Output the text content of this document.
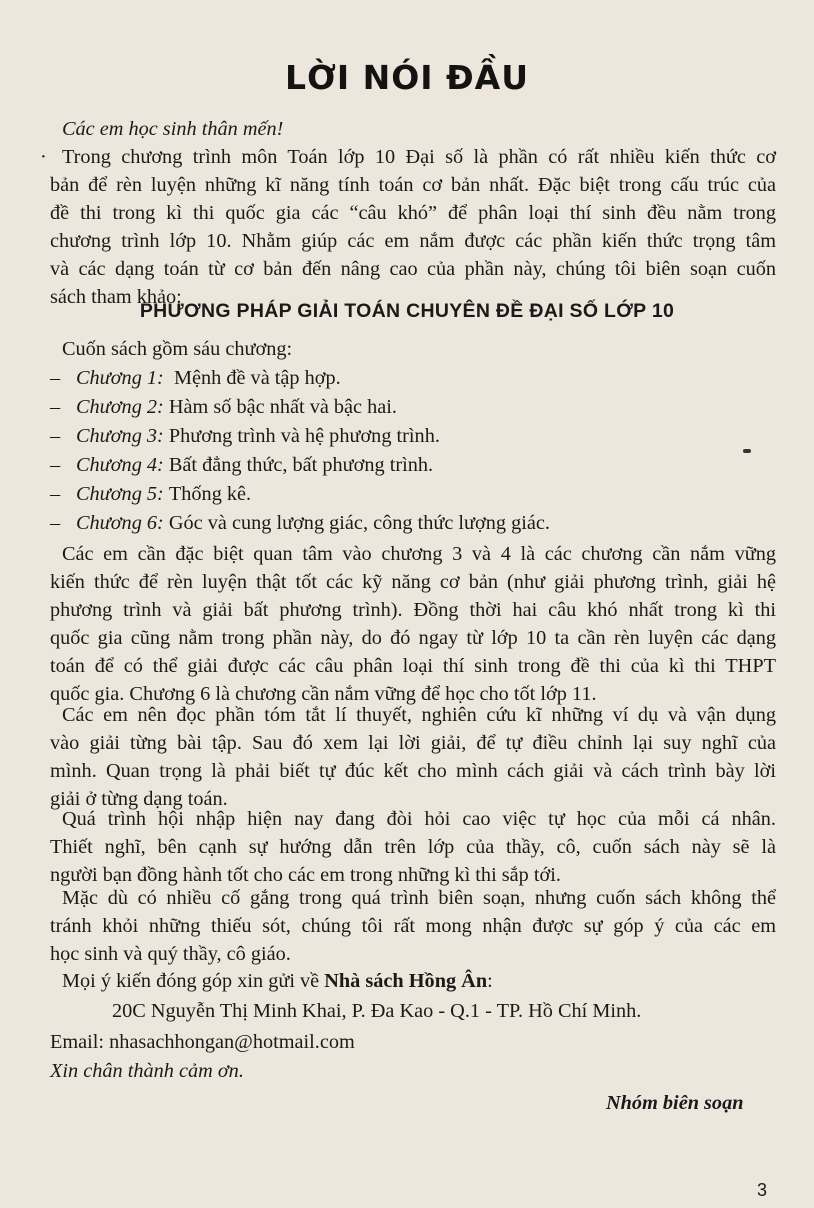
LỜI NÓI ĐẦU
Các em học sinh thân mến!
· Trong chương trình môn Toán lớp 10 Đại số là phần có rất nhiều kiến thức cơ
bản để rèn luyện những kĩ năng tính toán cơ bản nhất. Đặc biệt trong cấu trúc của
đề thi trong kì thi quốc gia các “câu khó” để phân loại thí sinh đều nằm trong
chương trình lớp 10. Nhằm giúp các em nắm được các phần kiến thức trọng tâm
và các dạng toán từ cơ bản đến nâng cao của phần này, chúng tôi biên soạn cuốn
sách tham khảo:
PHƯƠNG PHÁP GIẢI TOÁN CHUYÊN ĐỀ ĐẠI SỐ LỚP 10
Cuốn sách gồm sáu chương:
– Chương 1: Mệnh đề và tập hợp.
– Chương 2: Hàm số bậc nhất và bậc hai.
– Chương 3: Phương trình và hệ phương trình.
– Chương 4: Bất đẳng thức, bất phương trình.
– Chương 5: Thống kê.
– Chương 6: Góc và cung lượng giác, công thức lượng giác.
Các em cần đặc biệt quan tâm vào chương 3 và 4 là các chương cần nắm vững
kiến thức để rèn luyện thật tốt các kỹ năng cơ bản (như giải phương trình, giải hệ
phương trình và giải bất phương trình). Đồng thời hai câu khó nhất trong kì thi
quốc gia cũng nằm trong phần này, do đó ngay từ lớp 10 ta cần rèn luyện các dạng
toán để có thể giải được các câu phân loại thí sinh trong đề thi của kì thi THPT
quốc gia. Chương 6 là chương cần nắm vững để học cho tốt lớp 11.
Các em nên đọc phần tóm tắt lí thuyết, nghiên cứu kĩ những ví dụ và vận dụng
vào giải từng bài tập. Sau đó xem lại lời giải, để tự điều chỉnh lại suy nghĩ của
mình. Quan trọng là phải biết tự đúc kết cho mình cách giải và cách trình bày lời
giải ở từng dạng toán.
Quá trình hội nhập hiện nay đang đòi hỏi cao việc tự học của mỗi cá nhân.
Thiết nghĩ, bên cạnh sự hướng dẫn trên lớp của thầy, cô, cuốn sách này sẽ là
người bạn đồng hành tốt cho các em trong những kì thi sắp tới.
Mặc dù có nhiều cố gắng trong quá trình biên soạn, nhưng cuốn sách không thể
tránh khỏi những thiếu sót, chúng tôi rất mong nhận được sự góp ý của các em
học sinh và quý thầy, cô giáo.
Mọi ý kiến đóng góp xin gửi về Nhà sách Hồng Ân:
20C Nguyễn Thị Minh Khai, P. Đa Kao - Q.1 - TP. Hồ Chí Minh.
Email: nhasachhongan@hotmail.com
Xin chân thành cảm ơn.
Nhóm biên soạn
3
